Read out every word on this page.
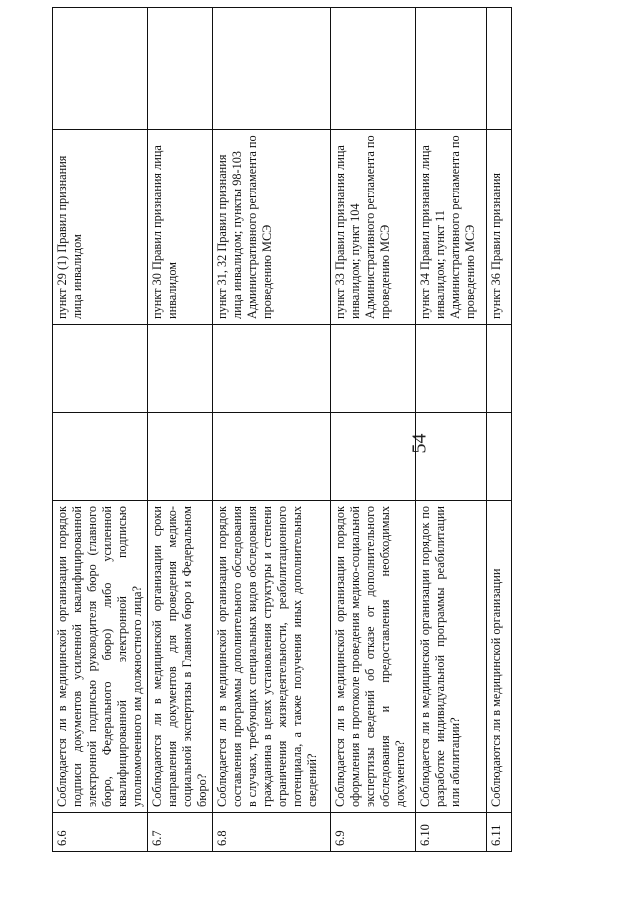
54
6.6	Соблюдается ли в медицинской организации порядок подписи документов усиленной квалифицированной электронной подписью руководителя бюро (главного бюро, Федерального бюро) либо усиленной квалифицированной электронной подписью уполномоченного им должностного лица?			пункт 29 (1) Правил признания лица инвалидом	
6.7	Соблюдаются ли в медицинской организации сроки направления документов для проведения медико-социальной экспертизы в Главном бюро и Федеральном бюро?			пункт 30 Правил признания лица инвалидом	
6.8	Соблюдается ли в медицинской организации порядок составления программы дополнительного обследования в случаях, требующих специальных видов обследования гражданина в целях установления структуры и степени ограничения жизнедеятельности, реабилитационного потенциала, а также получения иных дополнительных сведений?			пункт 31, 32 Правил признания лица инвалидом; пункты 98-103 Административного регламента по проведению МСЭ	
6.9	Соблюдается ли в медицинской организации порядок оформления в протоколе проведения медико-социальной экспертизы сведений об отказе от дополнительного обследования и предоставления необходимых документов?			пункт 33 Правил признания лица инвалидом; пункт 104 Административного регламента по проведению МСЭ	
6.10	Соблюдается ли в медицинской организации порядок по разработке индивидуальной программы реабилитации или абилитации?			пункт 34 Правил признания лица инвалидом; пункт 11 Административного регламента по проведению МСЭ	
6.11	Соблюдаются ли в медицинской организации			пункт 36 Правил признания	
